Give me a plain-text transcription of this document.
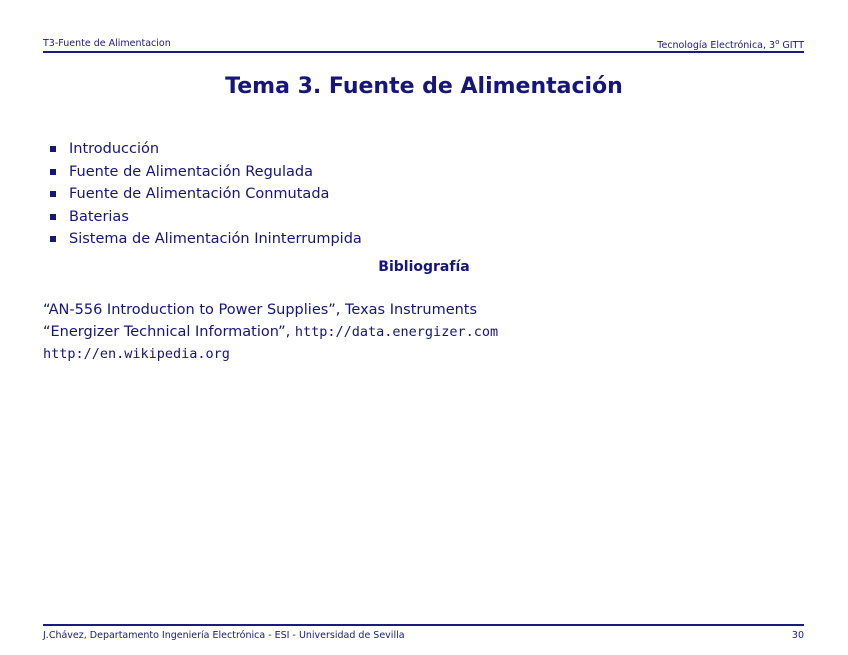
T3-Fuente de Alimentacion	Tecnología Electrónica, 3$^o$ GITT
Tema 3. Fuente de Alimentación
Introducción
Fuente de Alimentación Regulada
Fuente de Alimentación Conmutada
Baterias
Sistema de Alimentación Ininterrumpida
Bibliografía
“AN-556 Introduction to Power Supplies”, Texas Instruments
“Energizer Technical Information”, http://data.energizer.com
http://en.wikipedia.org
J.Chávez, Departamento Ingeniería Electrónica - ESI - Universidad de Sevilla	30
